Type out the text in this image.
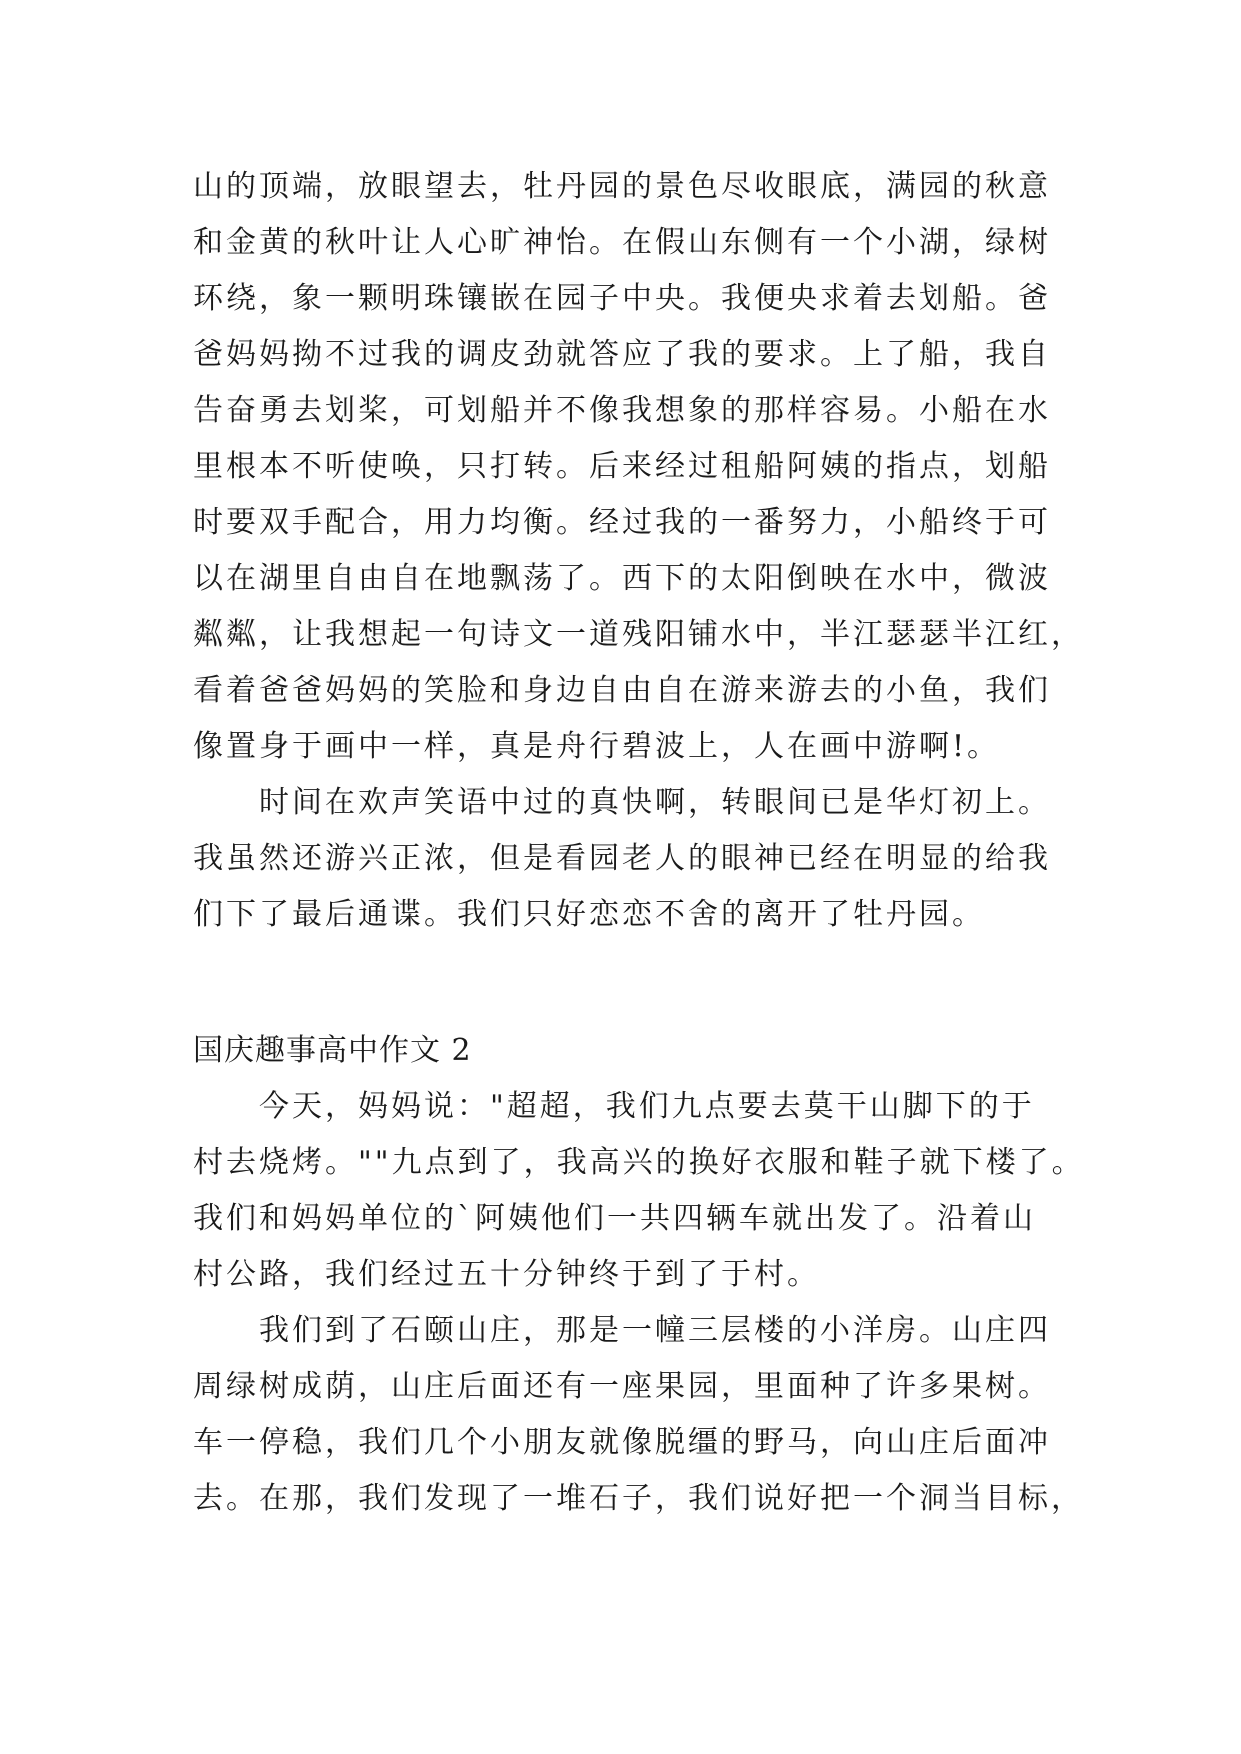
山的顶端，放眼望去，牡丹园的景色尽收眼底，满园的秋意
和金黄的秋叶让人心旷神怡。在假山东侧有一个小湖，绿树
环绕，象一颗明珠镶嵌在园子中央。我便央求着去划船。爸
爸妈妈拗不过我的调皮劲就答应了我的要求。上了船，我自
告奋勇去划桨，可划船并不像我想象的那样容易。小船在水
里根本不听使唤，只打转。后来经过租船阿姨的指点，划船
时要双手配合，用力均衡。经过我的一番努力，小船终于可
以在湖里自由自在地飘荡了。西下的太阳倒映在水中，微波
粼粼，让我想起一句诗文一道残阳铺水中，半江瑟瑟半江红，
看着爸爸妈妈的笑脸和身边自由自在游来游去的小鱼，我们
像置身于画中一样，真是舟行碧波上，人在画中游啊!。
　　时间在欢声笑语中过的真快啊，转眼间已是华灯初上。
我虽然还游兴正浓，但是看园老人的眼神已经在明显的给我
们下了最后通谍。我们只好恋恋不舍的离开了牡丹园。
国庆趣事高中作文 2
　　今天，妈妈说："超超，我们九点要去莫干山脚下的于
村去烧烤。""九点到了，我高兴的换好衣服和鞋子就下楼了。
我们和妈妈单位的`阿姨他们一共四辆车就出发了。沿着山
村公路，我们经过五十分钟终于到了于村。
　　我们到了石颐山庄，那是一幢三层楼的小洋房。山庄四
周绿树成荫，山庄后面还有一座果园，里面种了许多果树。
车一停稳，我们几个小朋友就像脱缰的野马，向山庄后面冲
去。在那，我们发现了一堆石子，我们说好把一个洞当目标，
